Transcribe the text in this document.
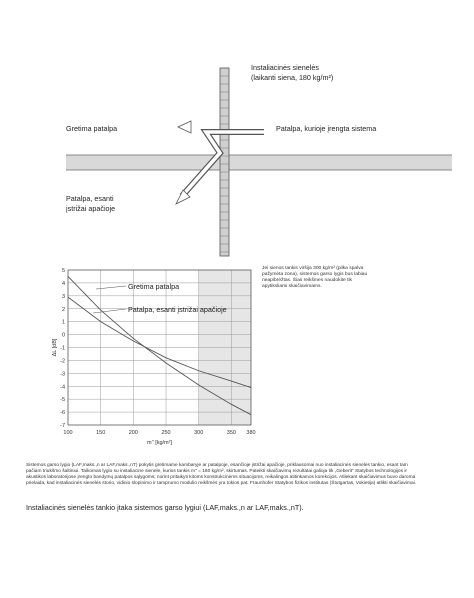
Instaliacinės sienelės
(laikanti siena, 180 kg/m²)
Gretima patalpa	Patalpa, kurioje įrengta sistema
Patalpa, esanti
įstrižai apačioje
5
4
3
2
1
0
-1
-2
-3
-4
-5
-6
-7
100	150	200	250	300	350 380
m'' [kg/m²]
ΔL [dB]
Gretima patalpa
Patalpa, esanti įstrižai apačioje
Jei sienos tankis viršija 300 kg/m² (pilka spalva pažymėta zona), sistemos garso lygis bus labiau neapibrėžtas. Šias reikšmes naudokite tik apytiksliami skaičiavimams.
Sistemos garso lygio (LAF,maks.,n ar LAF,maks.,nT) pokytis gretimame kambaryje ar patalpoje, esančioje įstrižai apačioje, priklausomai nuo instaliacinės sienelės tankio, esant tam pačiam triukšmo šaltiniui. Taikomas lygio su instaliacine sienele, kurios tankis m'' = 180 kg/m², skirtumas. Pateikti skaičiavimų rezultatai galioja tik „Geberit“ Statybos technologijos ir akustikos laboratorijose įrengto bandymų patalpos sąlygoms; norint pritaikyti kitoms konstrukcinėms situacijoms, reikalingos atitinkamos korekcijos. Atliekant skaičiavimus buvo daroma prielaida, kad instaliacinės sienelės storio, vidinio slopinimo ir tamprumo modulio reikšmės yra tokios pat. Fraunhofer Statybos fizikos institutas (Štutgartas, Vokietija) atlikti skaičiavimai.
Instaliacinės sienelės tankio įtaka sistemos garso lygiui (LAF,maks.,n ar LAF,maks.,nT).
